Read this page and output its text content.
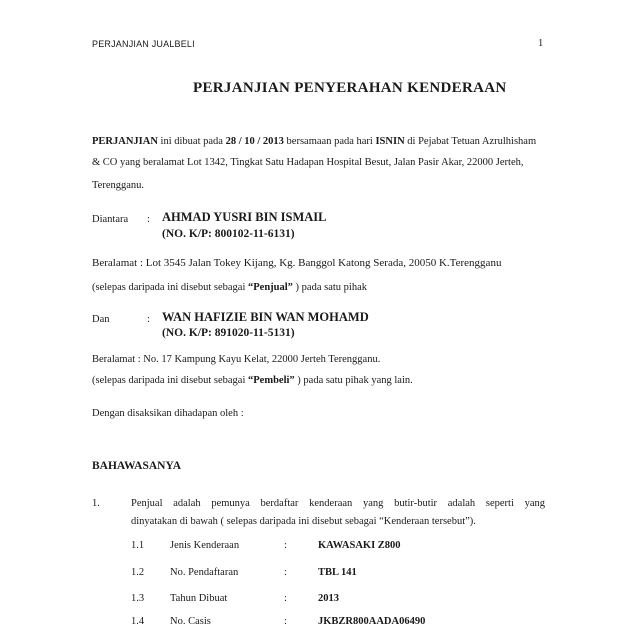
PERJANJIAN JUALBELI	1
PERJANJIAN PENYERAHAN KENDERAAN
PERJANJIAN ini dibuat pada 28 / 10 / 2013 bersamaan pada hari ISNIN di Pejabat Tetuan Azrulhisham
& CO yang beralamat Lot 1342, Tingkat Satu Hadapan Hospital Besut, Jalan Pasir Akar, 22000 Jerteh,
Terengganu.
Diantara : AHMAD YUSRI BIN ISMAIL
(NO. K/P: 800102-11-6131)
Beralamat : Lot 3545 Jalan Tokey Kijang, Kg. Banggol Katong Serada, 20050 K.Terengganu
(selepas daripada ini disebut sebagai “Penjual” ) pada satu pihak
Dan	: WAN HAFIZIE BIN WAN MOHAMD
(NO. K/P: 891020-11-5131)
Beralamat : No. 17 Kampung Kayu Kelat, 22000 Jerteh Terengganu.
(selepas daripada ini disebut sebagai “Pembeli” ) pada satu pihak yang lain.
Dengan disaksikan dihadapan oleh :
BAHAWASANYA
1.	Penjual adalah pemunya berdaftar kenderaan yang butir-butir adalah seperti yang
dinyatakan di bawah ( selepas daripada ini disebut sebagai “Kenderaan tersebut”).
1.1 Jenis Kenderaan	:	KAWASAKI Z800
1.2 No. Pendaftaran	:	TBL 141
1.3 Tahun Dibuat	:	2013
1.4 No. Casis	:	JKBZR800AADA06490
